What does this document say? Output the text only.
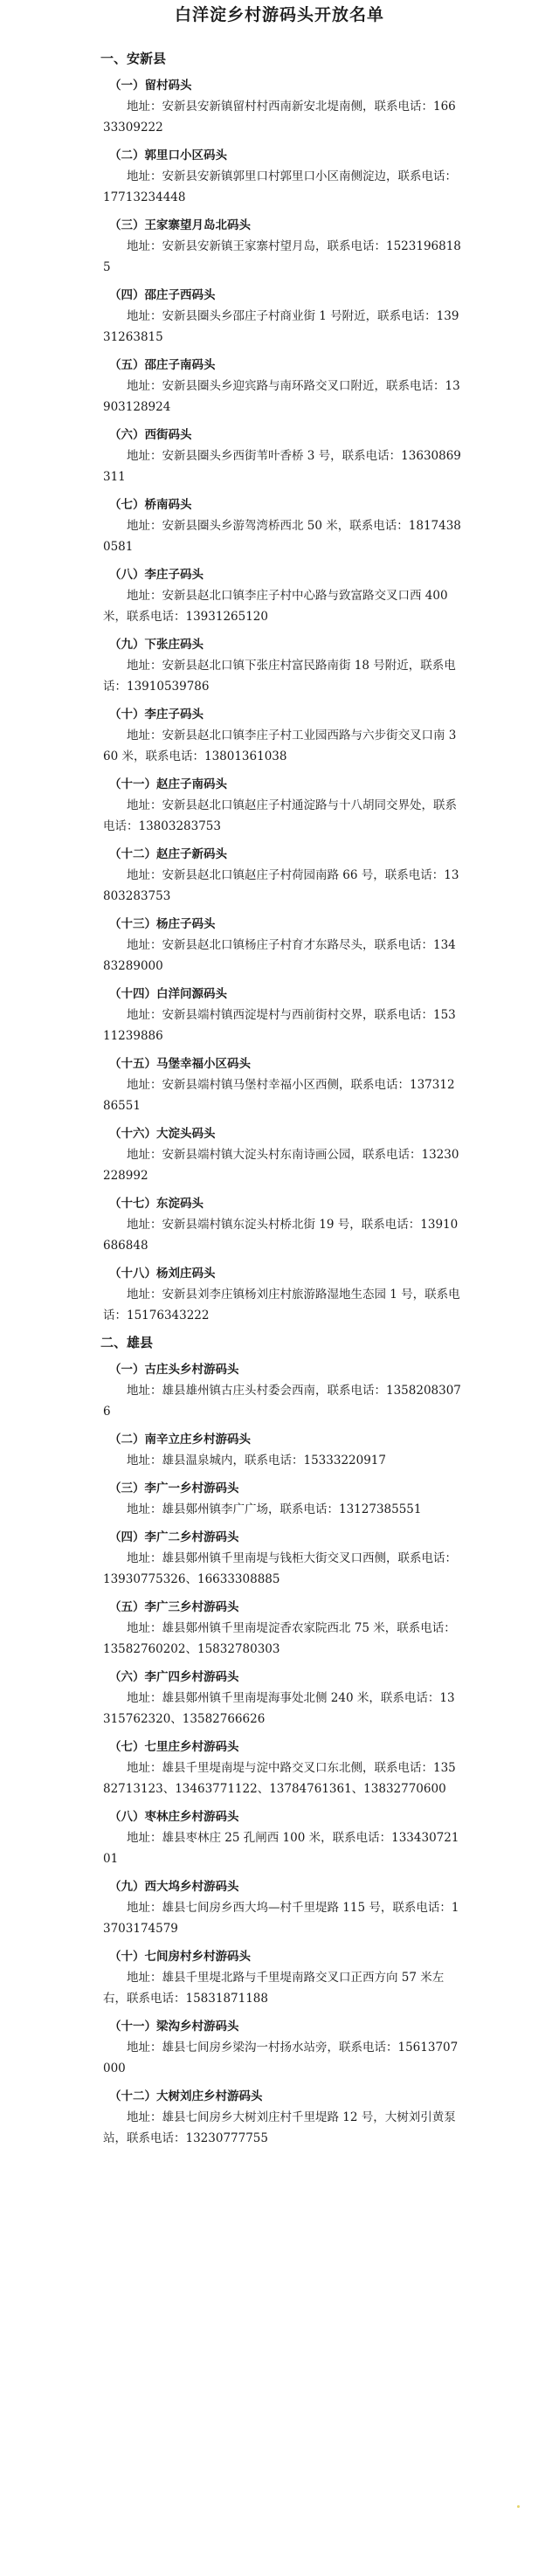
白洋淀乡村游码头开放名单
一、安新县
（一）留村码头
地址：安新县安新镇留村村西南新安北堤南侧，联系电话：16633309222
（二）郭里口小区码头
地址：安新县安新镇郭里口村郭里口小区南侧淀边，联系电话：17713234448
（三）王家寨望月岛北码头
地址：安新县安新镇王家寨村望月岛，联系电话：15231968185
（四）邵庄子西码头
地址：安新县圈头乡邵庄子村商业街 1 号附近，联系电话：13931263815
（五）邵庄子南码头
地址：安新县圈头乡迎宾路与南环路交叉口附近，联系电话：13903128924
（六）西街码头
地址：安新县圈头乡西街苇叶香桥 3 号，联系电话：13630869311
（七）桥南码头
地址：安新县圈头乡游驾湾桥西北 50 米，联系电话：18174380581
（八）李庄子码头
地址：安新县赵北口镇李庄子村中心路与致富路交叉口西 400 米，联系电话：13931265120
（九）下张庄码头
地址：安新县赵北口镇下张庄村富民路南街 18 号附近，联系电话：13910539786
（十）李庄子码头
地址：安新县赵北口镇李庄子村工业园西路与六步街交叉口南 360 米，联系电话：13801361038
（十一）赵庄子南码头
地址：安新县赵北口镇赵庄子村通淀路与十八胡同交界处，联系电话：13803283753
（十二）赵庄子新码头
地址：安新县赵北口镇赵庄子村荷园南路 66 号，联系电话：13803283753
（十三）杨庄子码头
地址：安新县赵北口镇杨庄子村育才东路尽头，联系电话：13483289000
（十四）白洋问源码头
地址：安新县端村镇西淀堤村与西前街村交界，联系电话：15311239886
（十五）马堡幸福小区码头
地址：安新县端村镇马堡村幸福小区西侧，联系电话：13731286551
（十六）大淀头码头
地址：安新县端村镇大淀头村东南诗画公园，联系电话：13230228992
（十七）东淀码头
地址：安新县端村镇东淀头村桥北街 19 号，联系电话：13910686848
（十八）杨刘庄码头
地址：安新县刘李庄镇杨刘庄村旅游路湿地生态园 1 号，联系电话：15176343222
二、雄县
（一）古庄头乡村游码头
地址：雄县雄州镇古庄头村委会西南，联系电话：13582083076
（二）南辛立庄乡村游码头
地址：雄县温泉城内，联系电话：15333220917
（三）李广一乡村游码头
地址：雄县鄚州镇李广广场，联系电话：13127385551
（四）李广二乡村游码头
地址：雄县鄚州镇千里南堤与钱柜大街交叉口西侧，联系电话：13930775326、16633308885
（五）李广三乡村游码头
地址：雄县鄚州镇千里南堤淀香农家院西北 75 米，联系电话：13582760202、15832780303
（六）李广四乡村游码头
地址：雄县鄚州镇千里南堤海事处北侧 240 米，联系电话：13315762320、13582766626
（七）七里庄乡村游码头
地址：雄县千里堤南堤与淀中路交叉口东北侧，联系电话：13582713123、13463771122、13784761361、13832770600
（八）枣林庄乡村游码头
地址：雄县枣林庄 25 孔闸西 100 米，联系电话：13343072101
（九）西大坞乡村游码头
地址：雄县七间房乡西大坞—村千里堤路 115 号，联系电话：13703174579
（十）七间房村乡村游码头
地址：雄县千里堤北路与千里堤南路交叉口正西方向 57 米左右，联系电话：15831871188
（十一）梁沟乡村游码头
地址：雄县七间房乡梁沟一村扬水站旁，联系电话：15613707000
（十二）大树刘庄乡村游码头
地址：雄县七间房乡大树刘庄村千里堤路 12 号，大树刘引黄泵站，联系电话：13230777755
